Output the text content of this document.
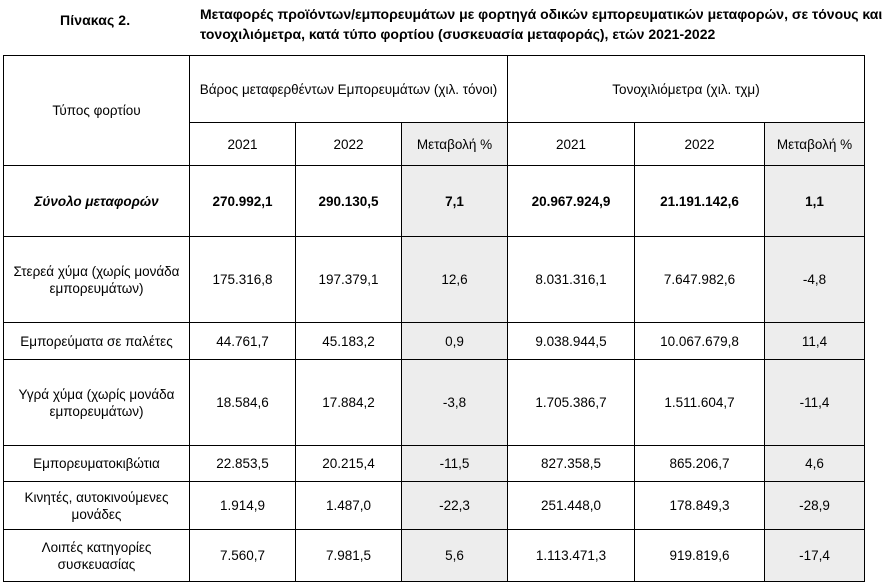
Πίνακας 2.	Μεταφορές προϊόντων/εμπορευμάτων με φορτηγά οδικών εμπορευματικών μεταφορών, σε τόνους και τονοχιλιόμετρα, κατά τύπο φορτίου (συσκευασία μεταφοράς), ετών 2021-2022
Τύπος φορτίου	Βάρος μεταφερθέντων Εμπορευμάτων (χιλ. τόνοι)			Τονοχιλιόμετρα (χιλ. τχμ)		
	2021	2022	Μεταβολή %	2021	2022	Μεταβολή %
Σύνολο μεταφορών	270.992,1	290.130,5	7,1	20.967.924,9	21.191.142,6	1,1
Στερεά χύμα (χωρίς μονάδα εμπορευμάτων)	175.316,8	197.379,1	12,6	8.031.316,1	7.647.982,6	-4,8
Εμπορεύματα σε παλέτες	44.761,7	45.183,2	0,9	9.038.944,5	10.067.679,8	11,4
Υγρά χύμα (χωρίς μονάδα εμπορευμάτων)	18.584,6	17.884,2	-3,8	1.705.386,7	1.511.604,7	-11,4
Εμπορευματοκιβώτια	22.853,5	20.215,4	-11,5	827.358,5	865.206,7	4,6
Κινητές, αυτοκινούμενες μονάδες	1.914,9	1.487,0	-22,3	251.448,0	178.849,3	-28,9
Λοιπές κατηγορίες συσκευασίας	7.560,7	7.981,5	5,6	1.113.471,3	919.819,6	-17,4
